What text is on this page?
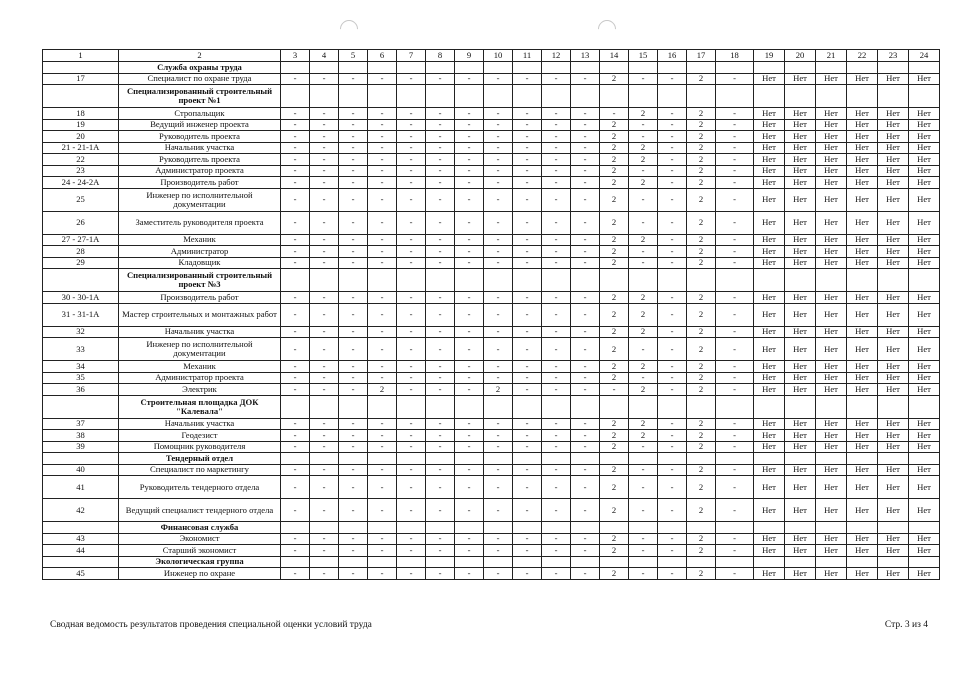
1	2	3	4	5	6	7	8	9	10	11	12	13	14	15	16	17	18	19	20	21	22	23	24
	Служба охраны труда																						
17	Специалист по охране труда	-	-	-	-	-	-	-	-	-	-	-	2	-	-	2	-	Нет	Нет	Нет	Нет	Нет	Нет
	Специализированный строительный проект №1																						
18	Стропальщик	-	-	-	-	-	-	-	-	-	-	-	-	2	-	2	-	Нет	Нет	Нет	Нет	Нет	Нет
19	Ведущий инженер проекта	-	-	-	-	-	-	-	-	-	-	-	2	-	-	2	-	Нет	Нет	Нет	Нет	Нет	Нет
20	Руководитель проекта	-	-	-	-	-	-	-	-	-	-	-	2	-	-	2	-	Нет	Нет	Нет	Нет	Нет	Нет
21 - 21-1А	Начальник участка	-	-	-	-	-	-	-	-	-	-	-	2	2	-	2	-	Нет	Нет	Нет	Нет	Нет	Нет
22	Руководитель проекта	-	-	-	-	-	-	-	-	-	-	-	2	2	-	2	-	Нет	Нет	Нет	Нет	Нет	Нет
23	Администратор проекта	-	-	-	-	-	-	-	-	-	-	-	2	-	-	2	-	Нет	Нет	Нет	Нет	Нет	Нет
24 - 24-2А	Производитель работ	-	-	-	-	-	-	-	-	-	-	-	2	2	-	2	-	Нет	Нет	Нет	Нет	Нет	Нет
25	Инженер по исполнительной документации	-	-	-	-	-	-	-	-	-	-	-	2	-	-	2	-	Нет	Нет	Нет	Нет	Нет	Нет
26	Заместитель руководителя проекта	-	-	-	-	-	-	-	-	-	-	-	2	-	-	2	-	Нет	Нет	Нет	Нет	Нет	Нет
27 - 27-1А	Механик	-	-	-	-	-	-	-	-	-	-	-	2	2	-	2	-	Нет	Нет	Нет	Нет	Нет	Нет
28	Администратор	-	-	-	-	-	-	-	-	-	-	-	2	-	-	2	-	Нет	Нет	Нет	Нет	Нет	Нет
29	Кладовщик	-	-	-	-	-	-	-	-	-	-	-	2	-	-	2	-	Нет	Нет	Нет	Нет	Нет	Нет
	Специализированный строительный проект №3																						
30 - 30-1А	Производитель работ	-	-	-	-	-	-	-	-	-	-	-	2	2	-	2	-	Нет	Нет	Нет	Нет	Нет	Нет
31 - 31-1А	Мастер строительных и монтажных работ	-	-	-	-	-	-	-	-	-	-	-	2	2	-	2	-	Нет	Нет	Нет	Нет	Нет	Нет
32	Начальник участка	-	-	-	-	-	-	-	-	-	-	-	2	2	-	2	-	Нет	Нет	Нет	Нет	Нет	Нет
33	Инженер по исполнительной документации	-	-	-	-	-	-	-	-	-	-	-	2	-	-	2	-	Нет	Нет	Нет	Нет	Нет	Нет
34	Механик	-	-	-	-	-	-	-	-	-	-	-	2	2	-	2	-	Нет	Нет	Нет	Нет	Нет	Нет
35	Администратор проекта	-	-	-	-	-	-	-	-	-	-	-	2	-	-	2	-	Нет	Нет	Нет	Нет	Нет	Нет
36	Электрик	-	-	-	2	-	-	-	2	-	-	-	-	2	-	2	-	Нет	Нет	Нет	Нет	Нет	Нет
	Строительная площадка ДОК "Калевала"																						
37	Начальник участка	-	-	-	-	-	-	-	-	-	-	-	2	2	-	2	-	Нет	Нет	Нет	Нет	Нет	Нет
38	Геодезист	-	-	-	-	-	-	-	-	-	-	-	2	2	-	2	-	Нет	Нет	Нет	Нет	Нет	Нет
39	Помощник руководителя	-	-	-	-	-	-	-	-	-	-	-	2	-	-	2	-	Нет	Нет	Нет	Нет	Нет	Нет
	Тендерный отдел																						
40	Специалист по маркетингу	-	-	-	-	-	-	-	-	-	-	-	2	-	-	2	-	Нет	Нет	Нет	Нет	Нет	Нет
41	Руководитель тендерного отдела	-	-	-	-	-	-	-	-	-	-	-	2	-	-	2	-	Нет	Нет	Нет	Нет	Нет	Нет
42	Ведущий специалист тендерного отдела	-	-	-	-	-	-	-	-	-	-	-	2	-	-	2	-	Нет	Нет	Нет	Нет	Нет	Нет
	Финансовая служба																						
43	Экономист	-	-	-	-	-	-	-	-	-	-	-	2	-	-	2	-	Нет	Нет	Нет	Нет	Нет	Нет
44	Старший экономист	-	-	-	-	-	-	-	-	-	-	-	2	-	-	2	-	Нет	Нет	Нет	Нет	Нет	Нет
	Экологическая группа																						
45	Инженер по охране	-	-	-	-	-	-	-	-	-	-	-	2	-	-	2	-	Нет	Нет	Нет	Нет	Нет	Нет
Сводная ведомость результатов проведения специальной оценки условий труда	Стр. 3 из 4
